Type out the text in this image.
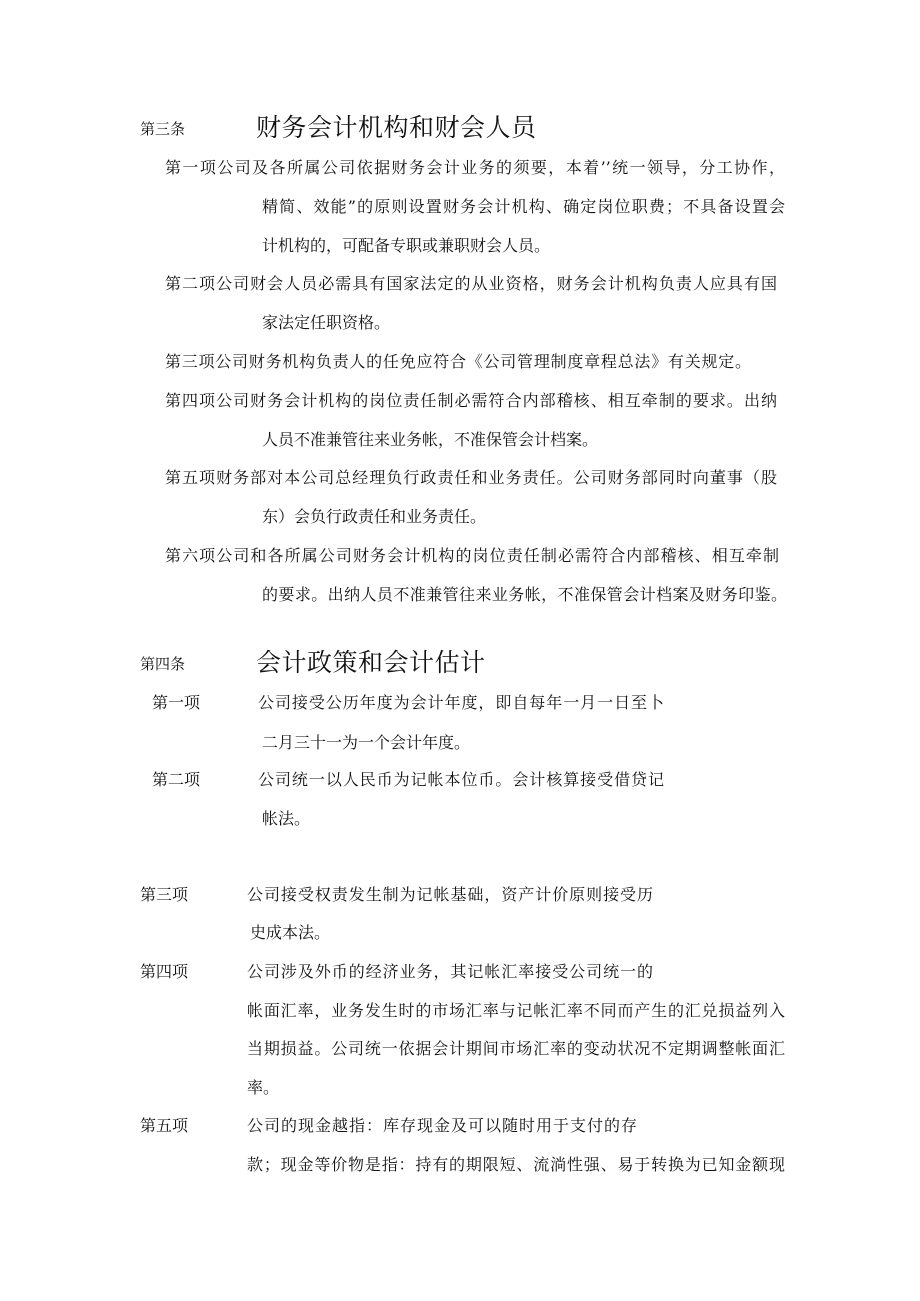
第三条	财务会计机构和财会人员
第一项公司及各所属公司依据财务会计业务的须要，本着’’统一领导，分工协作，
精简、效能”的原则设置财务会计机构、确定岗位职费；不具备设置会
计机构的，可配备专职或兼职财会人员。
第二项公司财会人员必需具有国家法定的从业资格，财务会计机构负责人应具有国
家法定任职资格。
第三项公司财务机构负责人的任免应符合《公司管理制度章程总法》有关规定。
第四项公司财务会计机构的岗位责任制必需符合内部稽核、相互牵制的要求。出纳
人员不准兼管往来业务帐，不准保管会计档案。
第五项财务部对本公司总经理负行政责任和业务责任。公司财务部同时向董事（股
东）会负行政责任和业务责任。
第六项公司和各所属公司财务会计机构的岗位责任制必需符合内部稽核、相互牵制
的要求。出纳人员不准兼管往来业务帐，不准保管会计档案及财务印鉴。
第四条	会计政策和会计估计
第一项	公司接受公历年度为会计年度，即自每年一月一日至卜
二月三十一为一个会计年度。
第二项	公司统一以人民币为记帐本位币。会计核算接受借贷记
帐法。
第三项	公司接受权责发生制为记帐基础，资产计价原则接受历
史成本法。
第四项	公司涉及外币的经济业务，其记帐汇率接受公司统一的
帐面汇率，业务发生时的市场汇率与记帐汇率不同而产生的汇兑损益列入
当期损益。公司统一依据会计期间市场汇率的变动状况不定期调整帐面汇
率。
第五项	公司的现金越指：库存现金及可以随时用于支付的存
款；现金等价物是指：持有的期限短、流淌性强、易于转换为已知金额现
